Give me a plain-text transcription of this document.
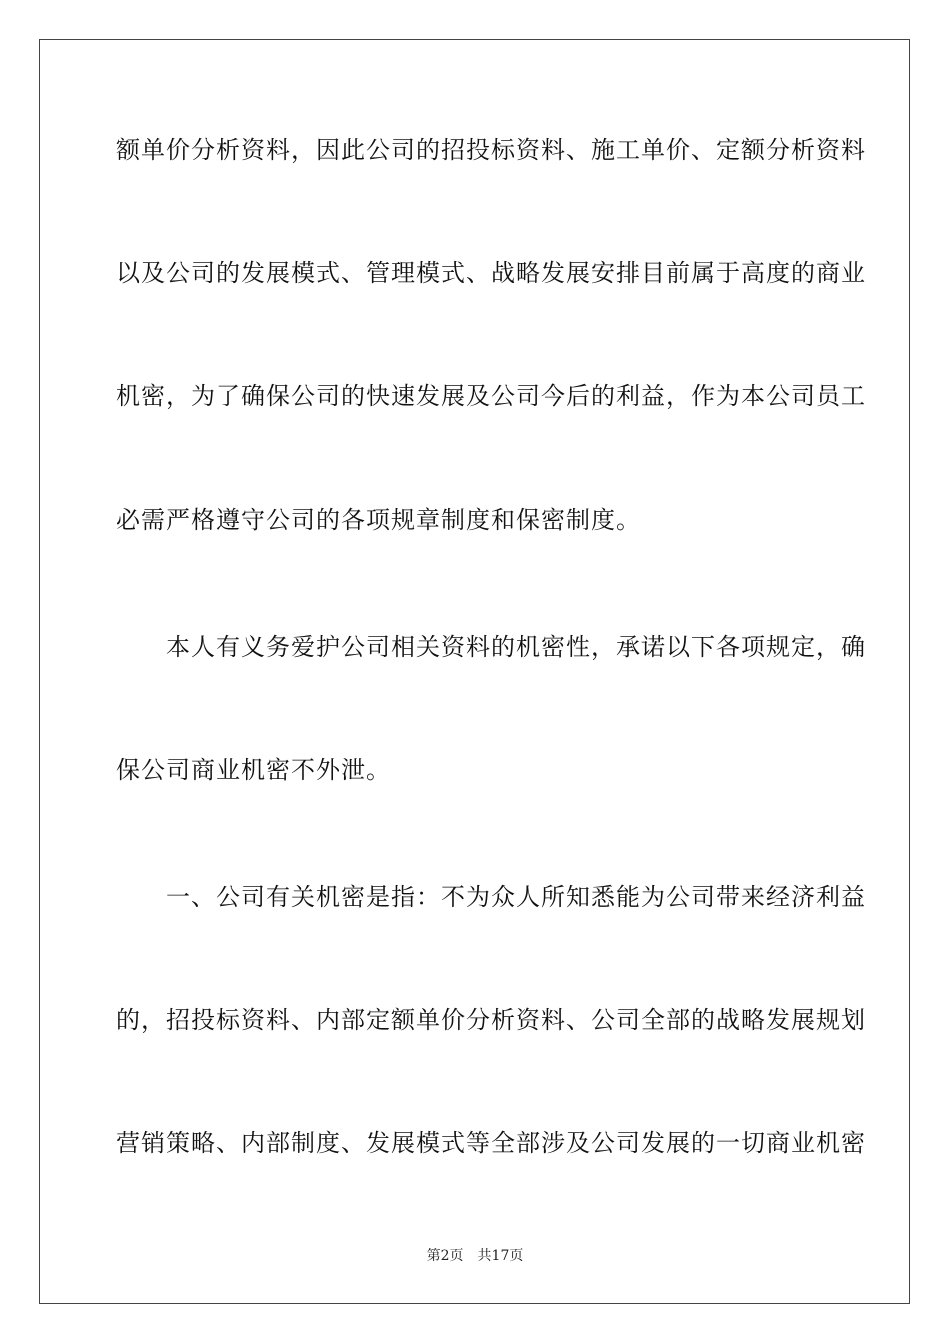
额单价分析资料，因此公司的招投标资料、施工单价、定额分析资料
以及公司的发展模式、管理模式、战略发展安排目前属于高度的商业
机密，为了确保公司的快速发展及公司今后的利益，作为本公司员工
必需严格遵守公司的各项规章制度和保密制度。
　　本人有义务爱护公司相关资料的机密性，承诺以下各项规定，确
保公司商业机密不外泄。
　　一、公司有关机密是指：不为众人所知悉能为公司带来经济利益
的，招投标资料、内部定额单价分析资料、公司全部的战略发展规划
营销策略、内部制度、发展模式等全部涉及公司发展的一切商业机密
第2页 共17页
